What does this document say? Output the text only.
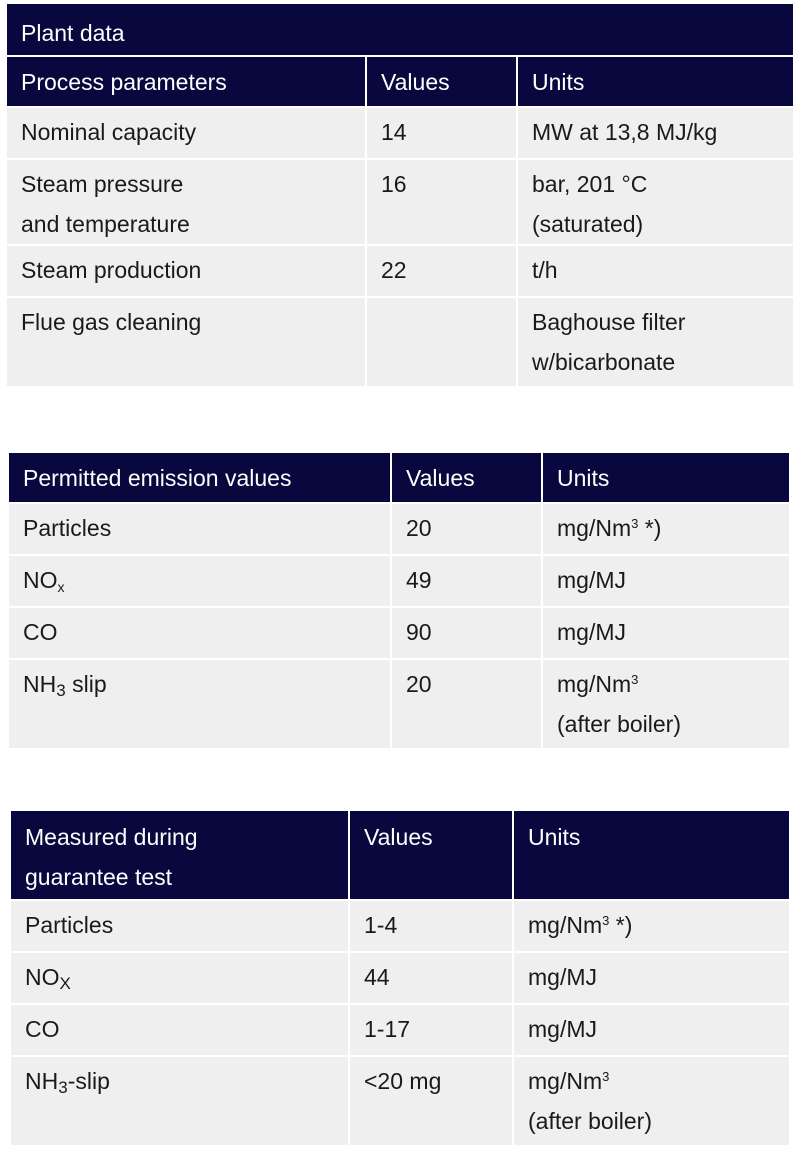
Plant data		
Process parameters	Values	Units
Nominal capacity	14	MW at 13,8 MJ/kg

Steam pressure
and temperature	16	bar, 201 °C
(saturated)

Steam production	22	t/h
Flue gas cleaning		Baghouse filter
w/bicarbonate
Permitted emission values	Values	Units
Particles	20	mg/Nm$^3$ *)
$NO_x$	49	mg/MJ
CO	90	mg/MJ
$NH_3$ slip	20	mg/Nm$^3$
(after boiler)
Measured during
guarantee test	Values	Units
Particles	1-4	mg/Nm$^3$ *)
$NO_X$	44	mg/MJ
CO	1-17	mg/MJ
$NH_3$-slip	<20 mg	mg/Nm$^3$
(after boiler)
